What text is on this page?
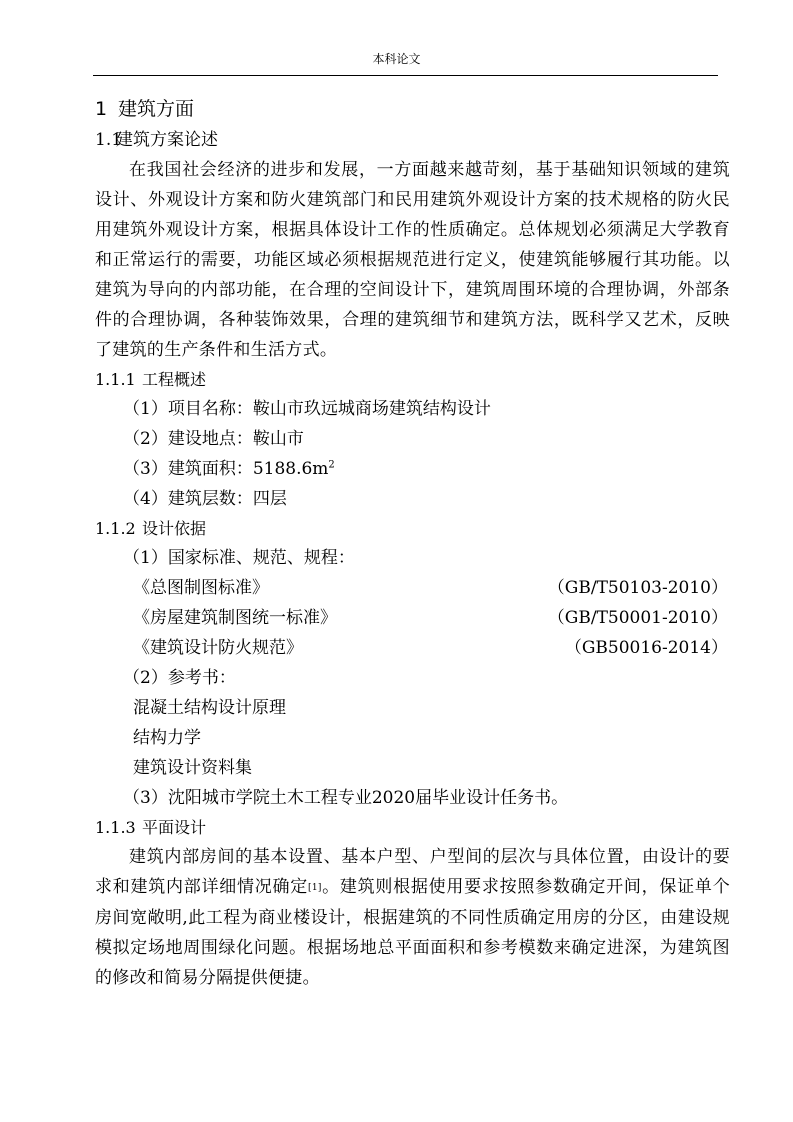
本科论文
1 建筑方面
1.1建筑方案论述

在我国社会经济的进步和发展，一方面越来越苛刻，基于基础知识领域的建筑设计、外观设计方案和防火建筑部门和民用建筑外观设计方案的技术规格的防火民用建筑外观设计方案，根据具体设计工作的性质确定。总体规划必须满足大学教育和正常运行的需要，功能区域必须根据规范进行定义，使建筑能够履行其功能。以建筑为导向的内部功能，在合理的空间设计下，建筑周围环境的合理协调，外部条件的合理协调，各种装饰效果，合理的建筑细节和建筑方法，既科学又艺术，反映了建筑的生产条件和生活方式。

1.1.1 工程概述

（1）项目名称：鞍山市玖远城商场建筑结构设计

（2）建设地点：鞍山市

（3）建筑面积：$5188.6m^2$

（4）建筑层数：四层

1.1.2 设计依据

（1）国家标准、规范、规程：

《总图制图标准》	（GB/T50103-2010）
《房屋建筑制图统一标准》	（GB/T50001-2010）
《建筑设计防火规范》	（GB50016-2014）

（2）参考书：

混凝土结构设计原理

结构力学

建筑设计资料集

（3）沈阳城市学院土木工程专业2020届毕业设计任务书。

1.1.3 平面设计

建筑内部房间的基本设置、基本户型、户型间的层次与具体位置，由设计的要求和建筑内部详细情况确定[1]。建筑则根据使用要求按照参数确定开间，保证单个房间宽敞明,此工程为商业楼设计，根据建筑的不同性质确定用房的分区，由建设规模拟定场地周围绿化问题。根据场地总平面面积和参考模数来确定进深，为建筑图的修改和简易分隔提供便捷。
